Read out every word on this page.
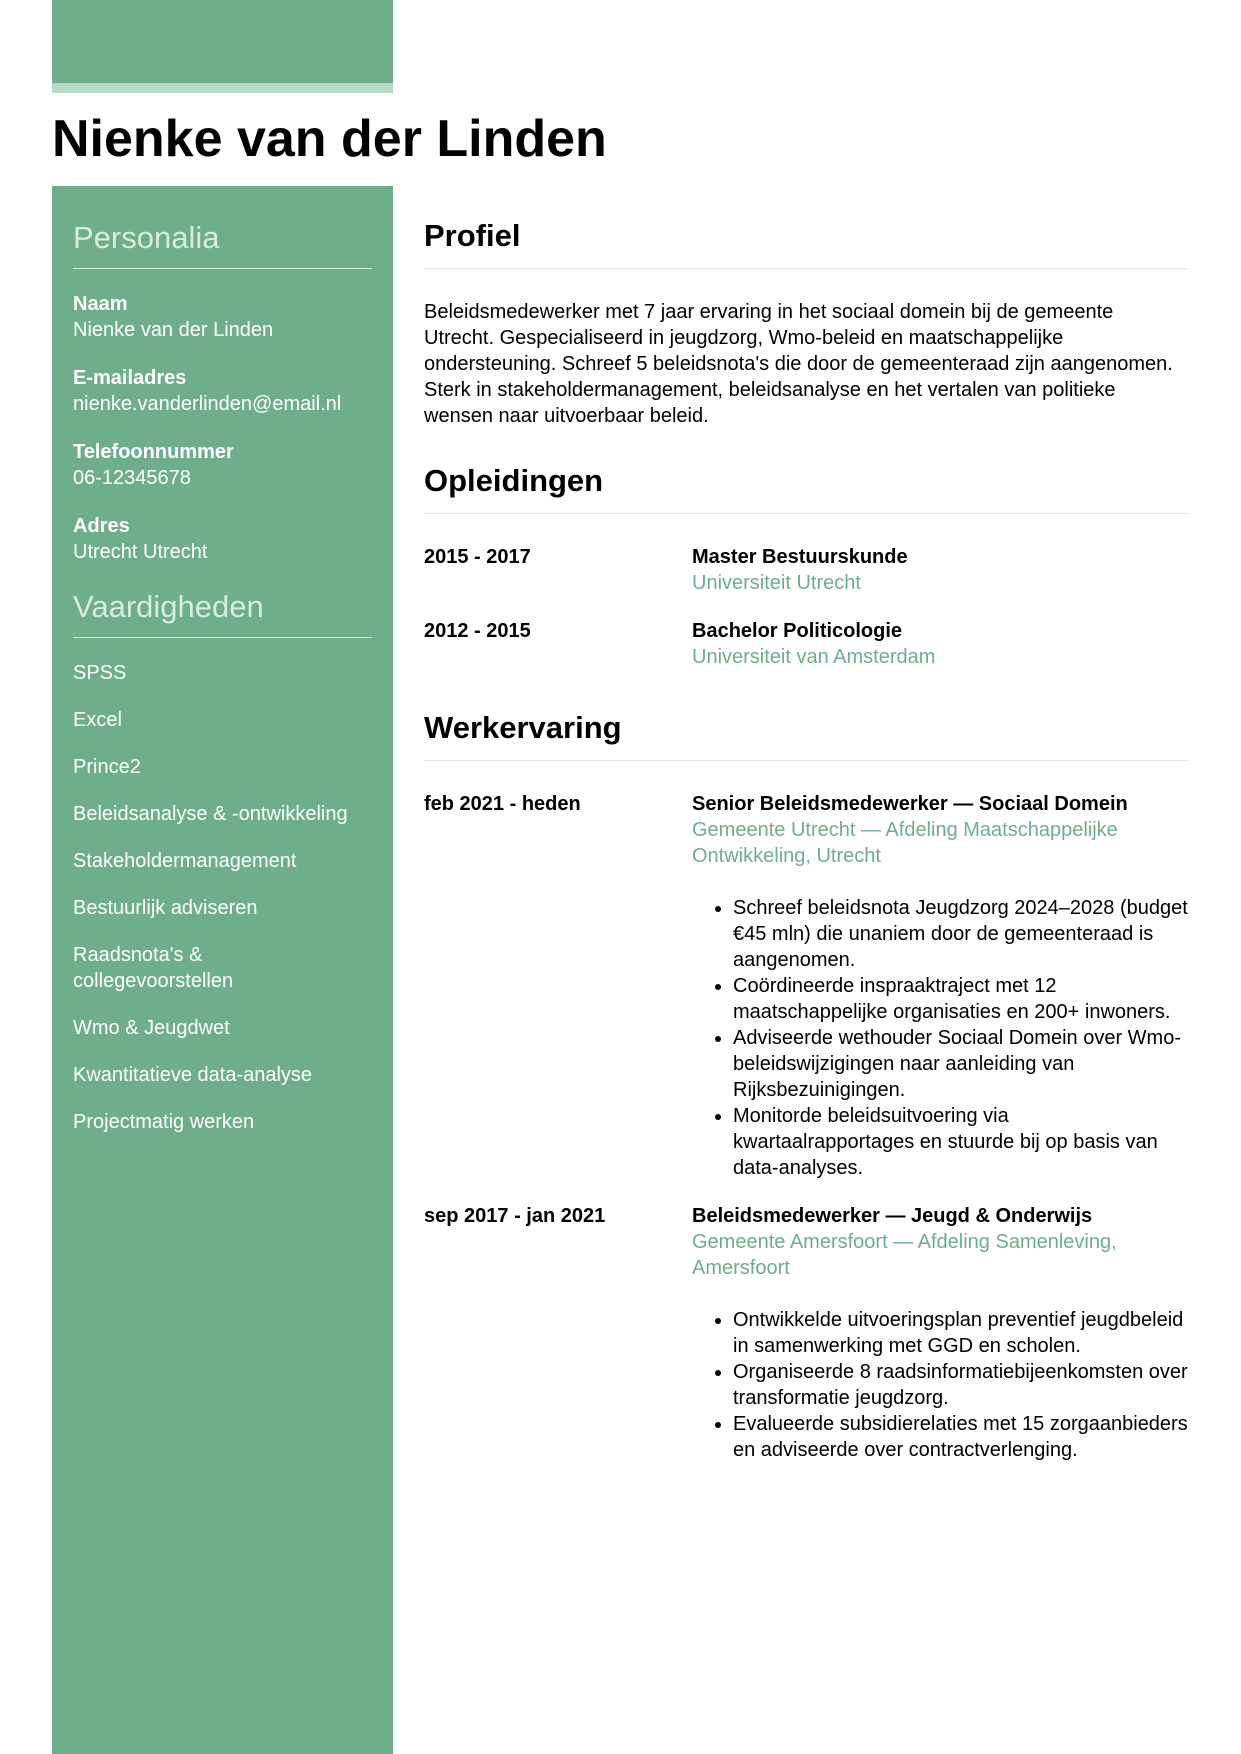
Nienke van der Linden
Personalia
Naam
Nienke van der Linden
E-mailadres
nienke.vanderlinden@email.nl
Telefoonnummer
06-12345678
Adres
Utrecht Utrecht
Vaardigheden
SPSS
Excel
Prince2
Beleidsanalyse & -ontwikkeling
Stakeholdermanagement
Bestuurlijk adviseren
Raadsnota's & collegevoorstellen
Wmo & Jeugdwet
Kwantitatieve data-analyse
Projectmatig werken
Profiel

Beleidsmedewerker met 7 jaar ervaring in het sociaal domein bij de gemeente Utrecht. Gespecialiseerd in jeugdzorg, Wmo-beleid en maatschappelijke ondersteuning. Schreef 5 beleidsnota's die door de gemeenteraad zijn aangenomen. Sterk in stakeholdermanagement, beleidsanalyse en het vertalen van politieke wensen naar uitvoerbaar beleid.

Opleidingen
2015 - 2017	Master Bestuurskunde
Universiteit Utrecht
2012 - 2015	Bachelor Politicologie
Universiteit van Amsterdam
Werkervaring
feb 2021 - heden	Senior Beleidsmedewerker — Sociaal Domein
Gemeente Utrecht — Afdeling Maatschappelijke Ontwikkeling, Utrecht
• Schreef beleidsnota Jeugdzorg 2024–2028 (budget €45 mln) die unaniem door de gemeenteraad is aangenomen.
• Coördineerde inspraaktraject met 12 maatschappelijke organisaties en 200+ inwoners.
• Adviseerde wethouder Sociaal Domein over Wmo-beleidswijzigingen naar aanleiding van Rijksbezuinigingen.
• Monitorde beleidsuitvoering via kwartaalrapportages en stuurde bij op basis van data-analyses.
sep 2017 - jan 2021	Beleidsmedewerker — Jeugd & Onderwijs
Gemeente Amersfoort — Afdeling Samenleving, Amersfoort
• Ontwikkelde uitvoeringsplan preventief jeugdbeleid in samenwerking met GGD en scholen.
• Organiseerde 8 raadsinformatiebijeenkomsten over transformatie jeugdzorg.
• Evalueerde subsidierelaties met 15 zorgaanbieders en adviseerde over contractverlenging.
